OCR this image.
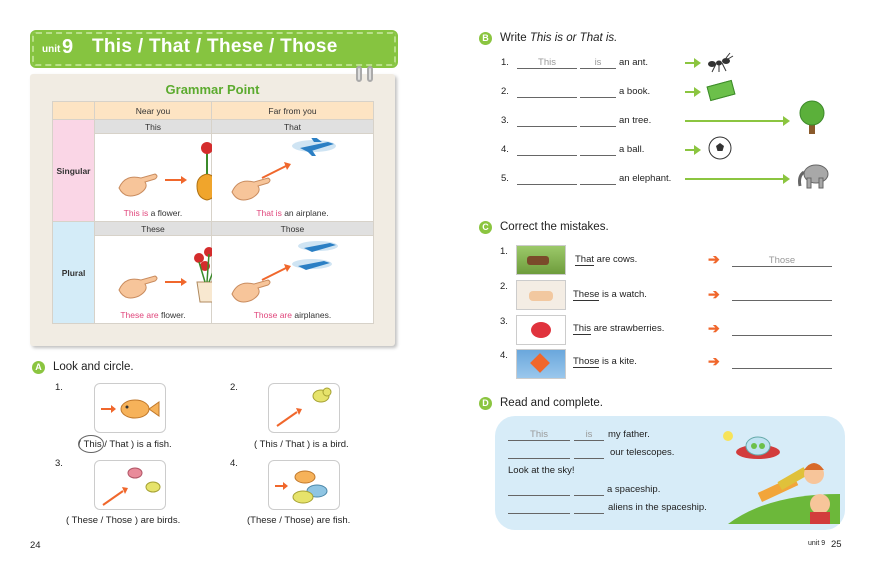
unit 9 This / That / These / Those
Grammar Point
	Near you	Far from you
Singular	This	That

	This is a flower.	That is an airplane.

Plural	These	Those

	These are flower.	Those are airplanes.
A Look and circle.
1.
( This / That ) is a fish.
2.
( This / That ) is a bird.
3.
( These / Those ) are birds.
4.
(These / Those) are fish.
24
B Write This is or That is.
1.	This	is	an ant.
2.	a book.
3.	an tree.
4.	a ball.
5.	an elephant.
C Correct the mistakes.
1.
That are cows.	➔	Those
2.
These is a watch.	➔
3.
This are strawberries.	➔
4.
Those is a kite.	➔
D Read and complete.
This	is	my father.
our telescopes.
Look at the sky!
a spaceship.
aliens in the spaceship.
unit 9 25
